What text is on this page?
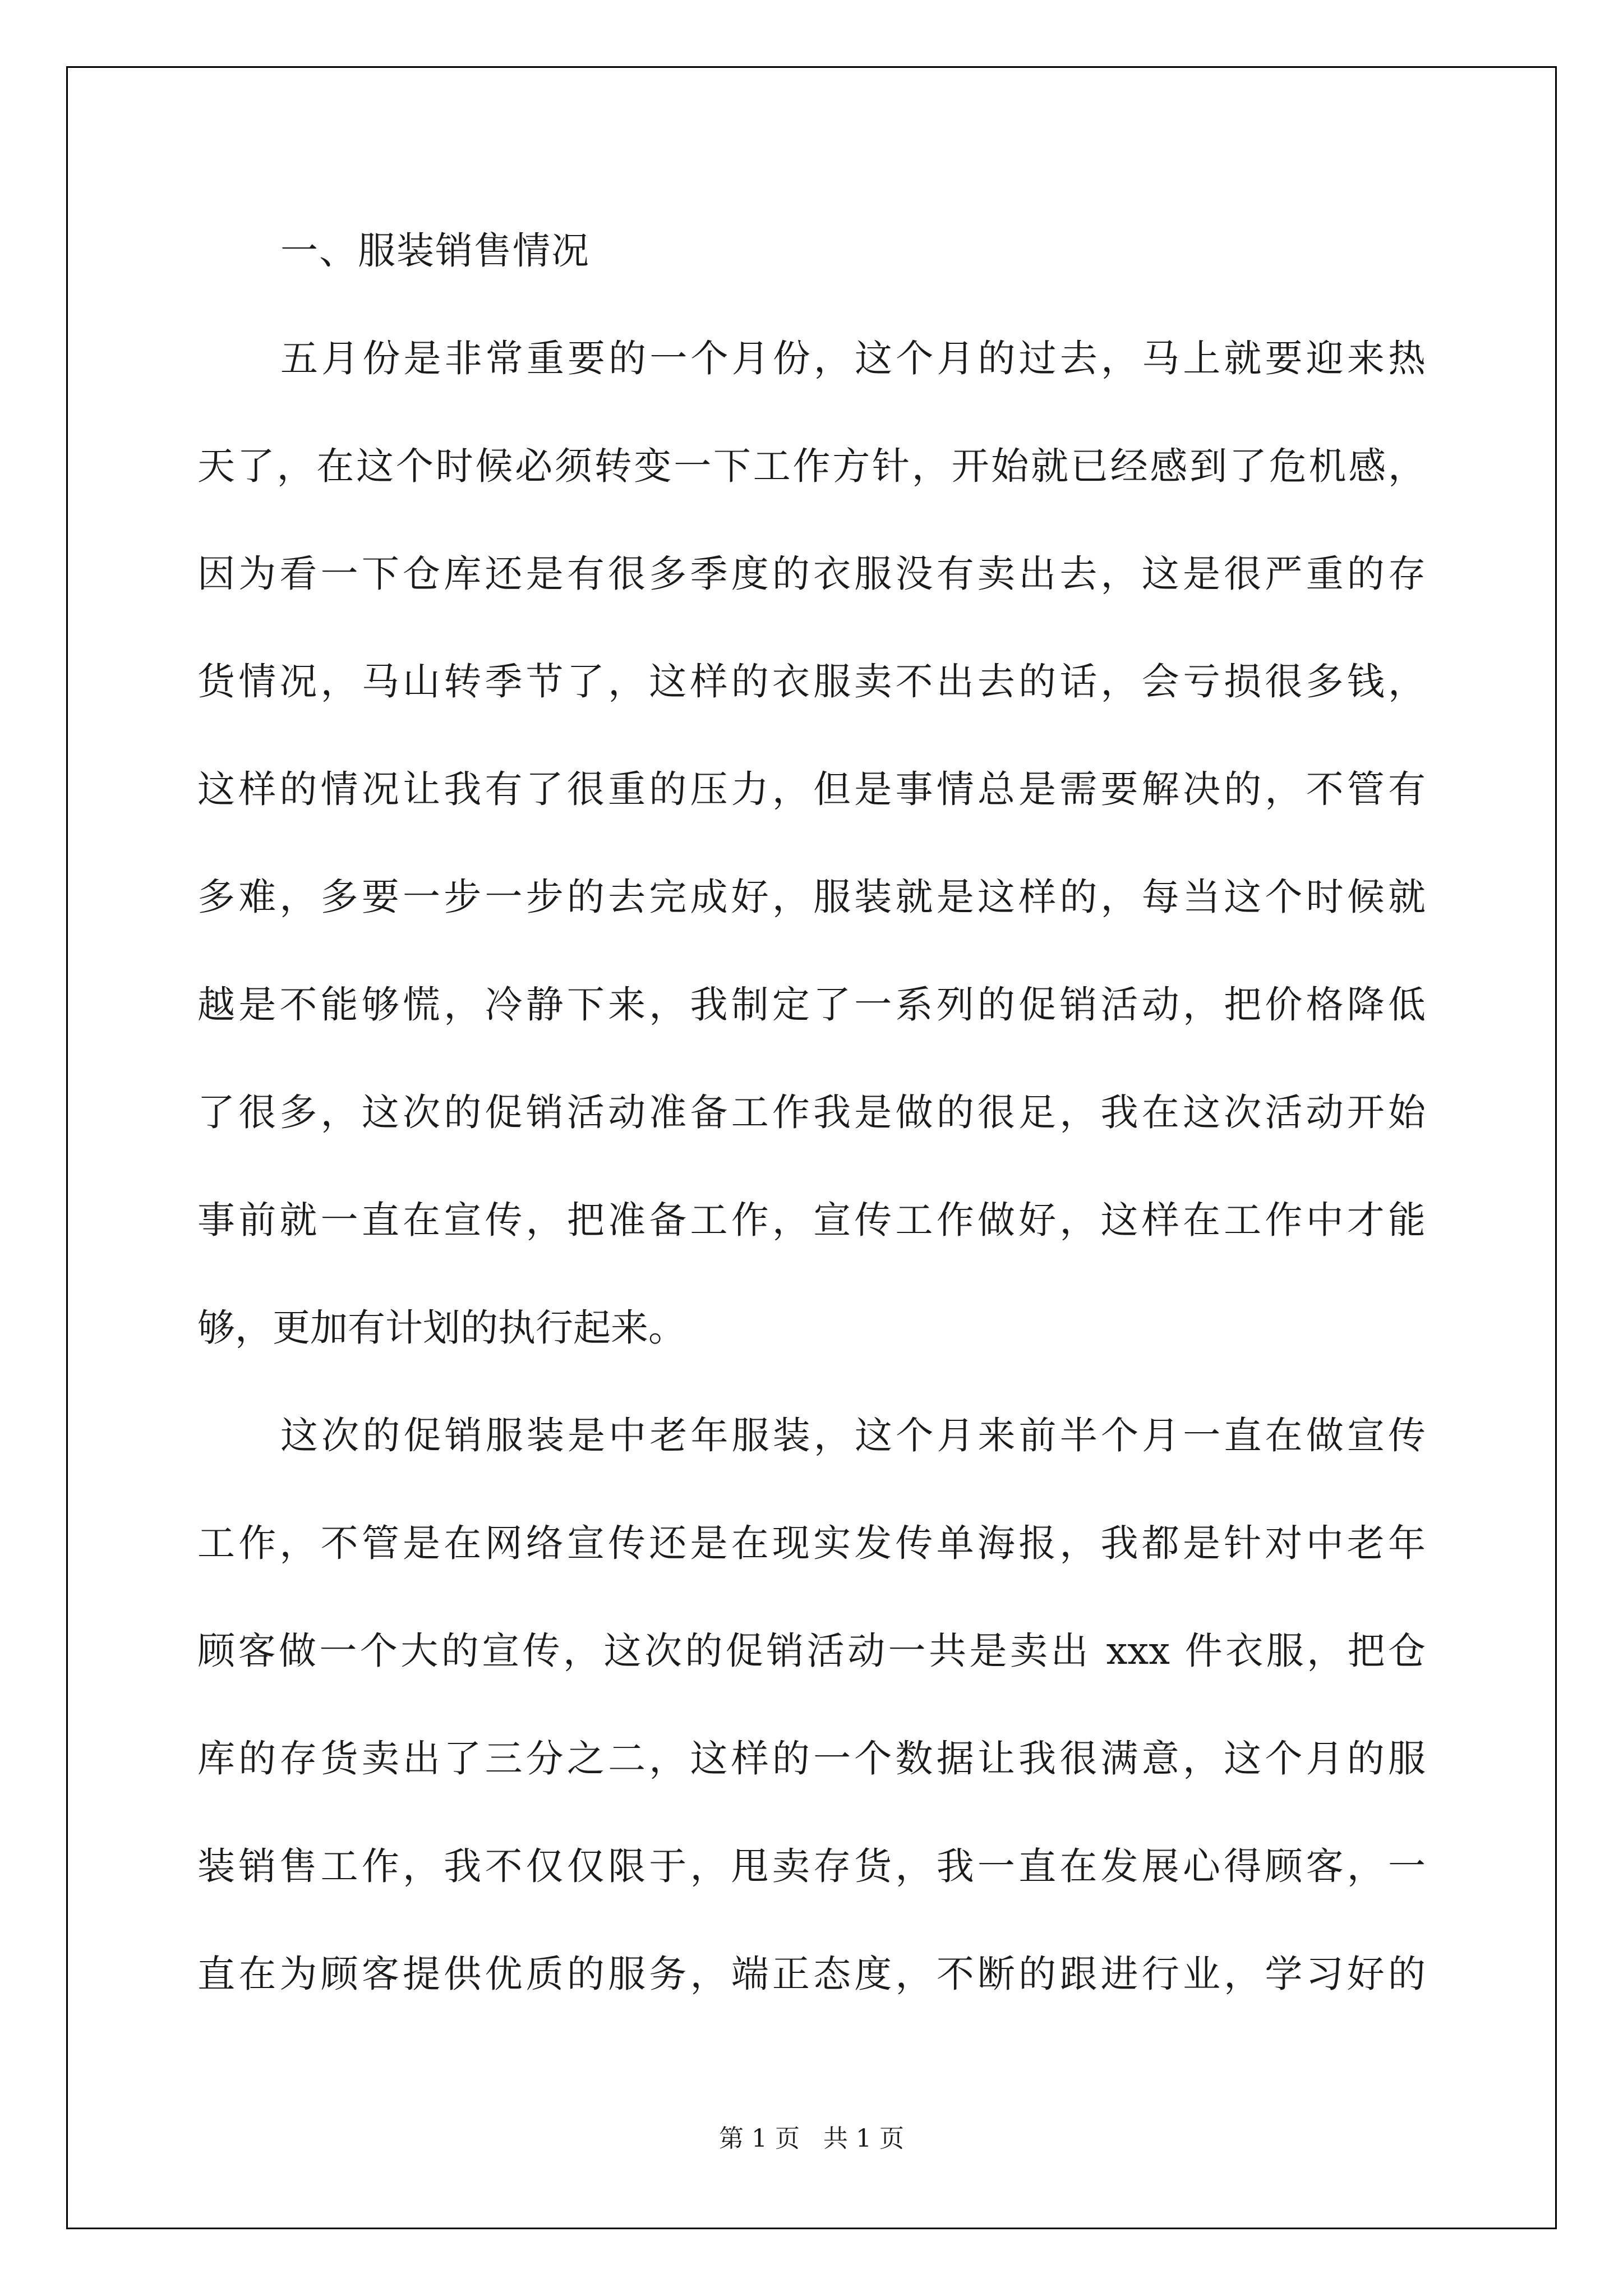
一、服装销售情况
五月份是非常重要的一个月份，这个月的过去，马上就要迎来热
天了，在这个时候必须转变一下工作方针，开始就已经感到了危机感，
因为看一下仓库还是有很多季度的衣服没有卖出去，这是很严重的存
货情况，马山转季节了，这样的衣服卖不出去的话，会亏损很多钱，
这样的情况让我有了很重的压力，但是事情总是需要解决的，不管有
多难，多要一步一步的去完成好，服装就是这样的，每当这个时候就
越是不能够慌，冷静下来，我制定了一系列的促销活动，把价格降低
了很多，这次的促销活动准备工作我是做的很足，我在这次活动开始
事前就一直在宣传，把准备工作，宣传工作做好，这样在工作中才能
够，更加有计划的执行起来。
这次的促销服装是中老年服装，这个月来前半个月一直在做宣传
工作，不管是在网络宣传还是在现实发传单海报，我都是针对中老年
顾客做一个大的宣传，这次的促销活动一共是卖出 xxx 件衣服，把仓
库的存货卖出了三分之二，这样的一个数据让我很满意，这个月的服
装销售工作，我不仅仅限于，甩卖存货，我一直在发展心得顾客，一
直在为顾客提供优质的服务，端正态度，不断的跟进行业，学习好的
第 1 页   共 1 页
